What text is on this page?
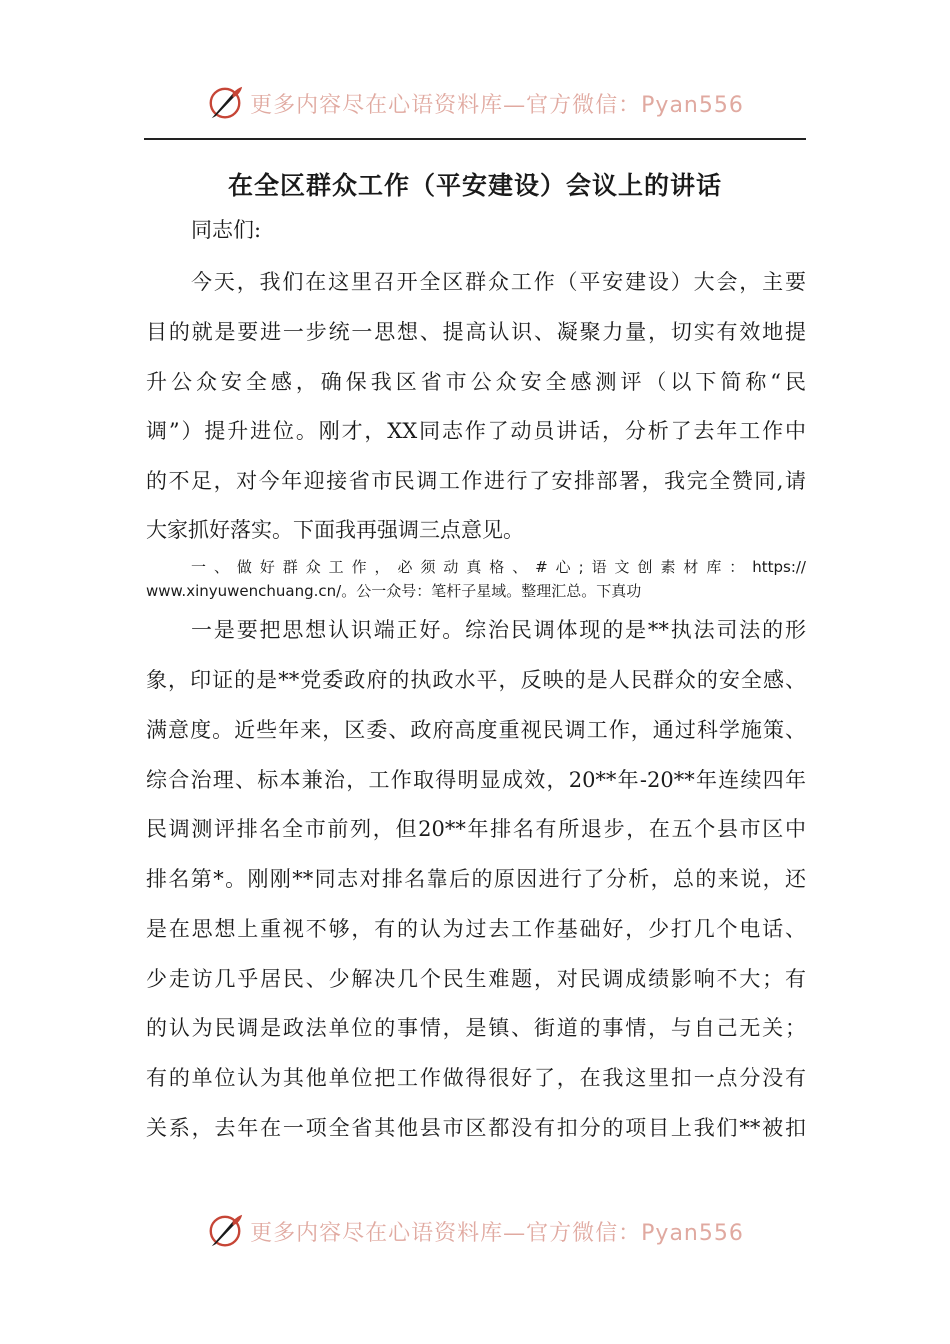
更多内容尽在心语资料库—官方微信：Pyan556
在全区群众工作（平安建设）会议上的讲话
同志们:
今天，我们在这里召开全区群众工作（平安建设）大会，主要
目的就是要进一步统一思想、提高认识、凝聚力量，切实有效地提
升公众安全感，确保我区省市公众安全感测评（以下简称“民
调”）提升进位。刚才，XX同志作了动员讲话，分析了去年工作中
的不足，对今年迎接省市民调工作进行了安排部署，我完全赞同,请
大家抓好落实。下面我再强调三点意见。
一、做好群众工作，必须动真格、#心;语文创素材库：https://
www.xinyuwenchuang.cn/。公一众号：笔杆子星域。整理汇总。下真功
一是要把思想认识端正好。综治民调体现的是**执法司法的形
象，印证的是**党委政府的执政水平，反映的是人民群众的安全感、
满意度。近些年来，区委、政府高度重视民调工作，通过科学施策、
综合治理、标本兼治，工作取得明显成效，20**年-20**年连续四年
民调测评排名全市前列，但20**年排名有所退步，在五个县市区中
排名第*。刚刚**同志对排名靠后的原因进行了分析，总的来说，还
是在思想上重视不够，有的认为过去工作基础好，少打几个电话、
少走访几乎居民、少解决几个民生难题，对民调成绩影响不大；有
的认为民调是政法单位的事情，是镇、街道的事情，与自己无关；
有的单位认为其他单位把工作做得很好了，在我这里扣一点分没有
关系，去年在一项全省其他县市区都没有扣分的项目上我们**被扣
更多内容尽在心语资料库—官方微信：Pyan556
